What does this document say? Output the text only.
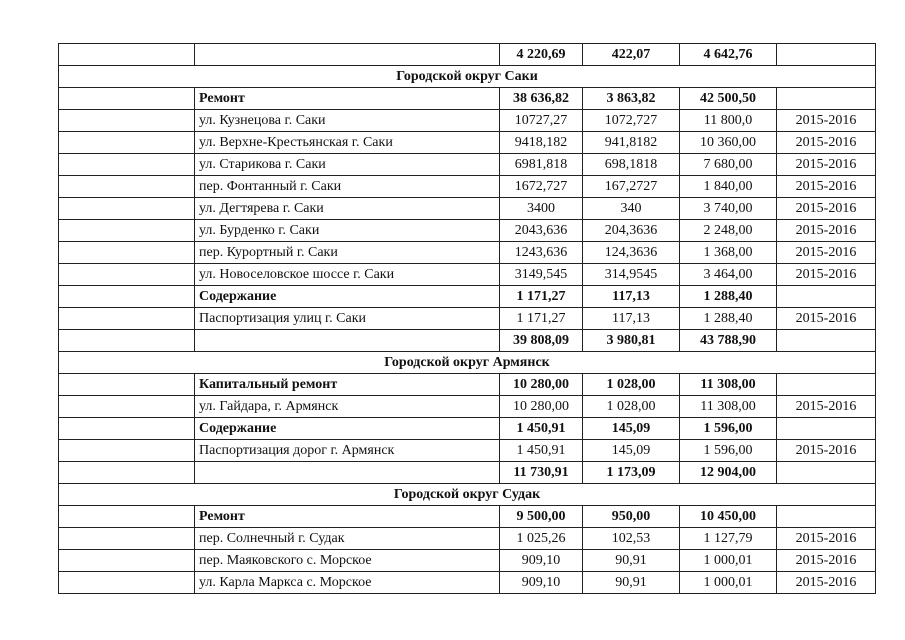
		4 220,69	422,07	4 642,76	
Городской округ Саки					
	Ремонт	38 636,82	3 863,82	42 500,50	
	ул. Кузнецова г. Саки	10727,27	1072,727	11 800,0	2015-2016
	ул. Верхне-Крестьянская г. Саки	9418,182	941,8182	10 360,00	2015-2016
	ул. Старикова г. Саки	6981,818	698,1818	7 680,00	2015-2016
	пер. Фонтанный г. Саки	1672,727	167,2727	1 840,00	2015-2016
	ул. Дегтярева г. Саки	3400	340	3 740,00	2015-2016
	ул. Бурденко г. Саки	2043,636	204,3636	2 248,00	2015-2016
	пер. Курортный г. Саки	1243,636	124,3636	1 368,00	2015-2016
	ул. Новоселовское шоссе г. Саки	3149,545	314,9545	3 464,00	2015-2016
	Содержание	1 171,27	117,13	1 288,40	
	Паспортизация улиц г. Саки	1 171,27	117,13	1 288,40	2015-2016
		39 808,09	3 980,81	43 788,90	
Городской округ Армянск					
	Капитальный ремонт	10 280,00	1 028,00	11 308,00	
	ул. Гайдара, г. Армянск	10 280,00	1 028,00	11 308,00	2015-2016
	Содержание	1 450,91	145,09	1 596,00	
	Паспортизация дорог г. Армянск	1 450,91	145,09	1 596,00	2015-2016
		11 730,91	1 173,09	12 904,00	
Городской округ Судак					
	Ремонт	9 500,00	950,00	10 450,00	
	пер. Солнечный г. Судак	1 025,26	102,53	1 127,79	2015-2016
	пер. Маяковского с. Морское	909,10	90,91	1 000,01	2015-2016
	ул. Карла Маркса с. Морское	909,10	90,91	1 000,01	2015-2016
